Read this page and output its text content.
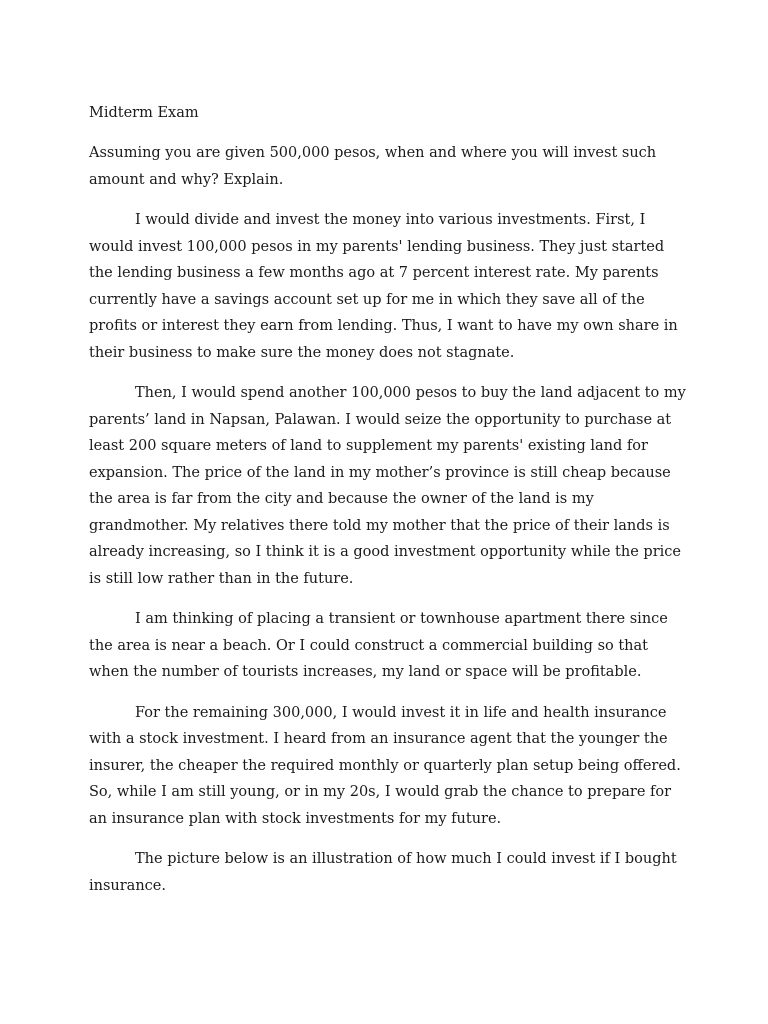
Midterm Exam

Assuming you are given 500,000 pesos, when and where you will invest such amount and why? Explain.

I would divide and invest the money into various investments. First, I would invest 100,000 pesos in my parents' lending business. They just started the lending business a few months ago at 7 percent interest rate. My parents currently have a savings account set up for me in which they save all of the profits or interest they earn from lending. Thus, I want to have my own share in their business to make sure the money does not stagnate.

Then, I would spend another 100,000 pesos to buy the land adjacent to my parents’ land in Napsan, Palawan. I would seize the opportunity to purchase at least 200 square meters of land to supplement my parents' existing land for expansion. The price of the land in my mother’s province is still cheap because the area is far from the city and because the owner of the land is my grandmother. My relatives there told my mother that the price of their lands is already increasing, so I think it is a good investment opportunity while the price is still low rather than in the future.

I am thinking of placing a transient or townhouse apartment there since the area is near a beach. Or I could construct a commercial building so that when the number of tourists increases, my land or space will be profitable.

For the remaining 300,000, I would invest it in life and health insurance with a stock investment. I heard from an insurance agent that the younger the insurer, the cheaper the required monthly or quarterly plan setup being offered. So, while I am still young, or in my 20s, I would grab the chance to prepare for an insurance plan with stock investments for my future.

The picture below is an illustration of how much I could invest if I bought insurance.
